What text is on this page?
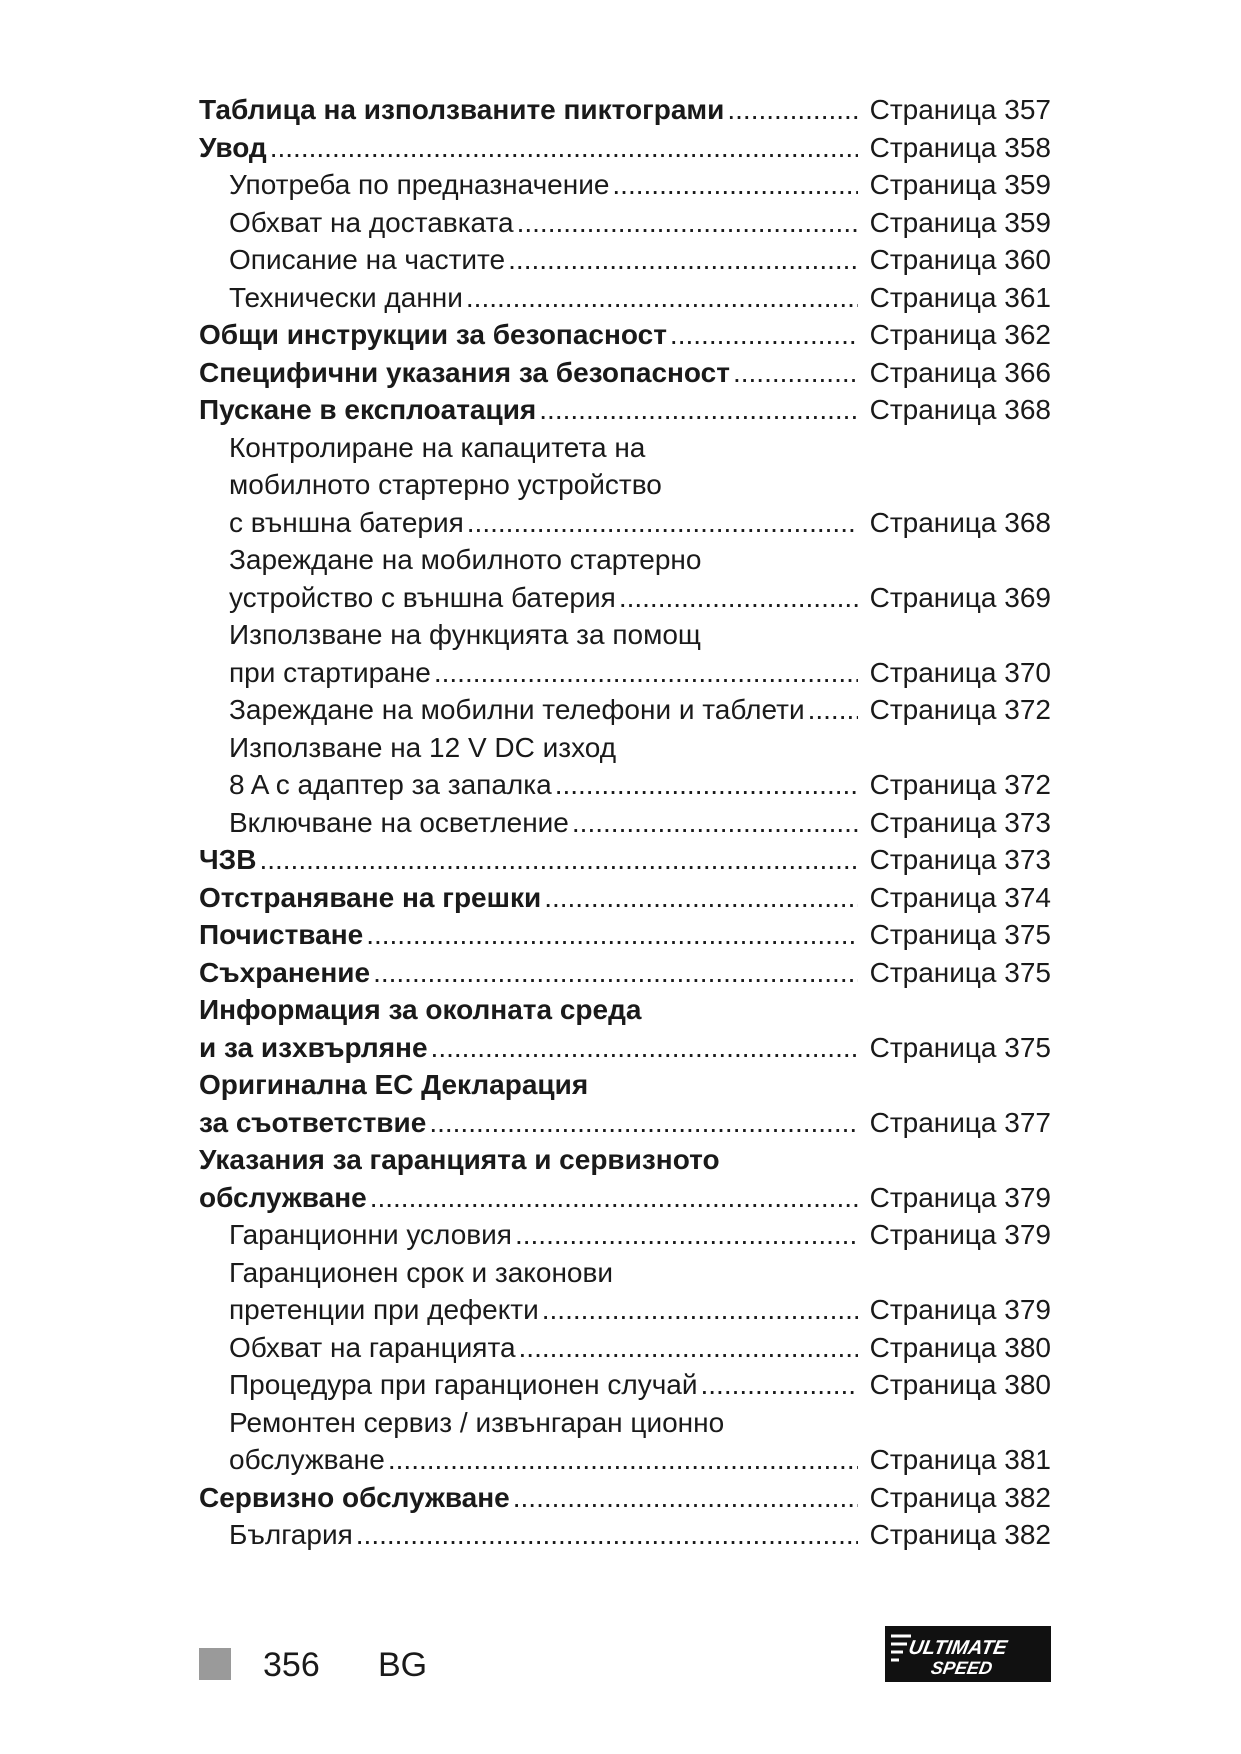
Таблица на използваните пиктограми .....	Страница 357
Увод .....	Страница 358
Употреба по предназначение .....	Страница 359
Обхват на доставката .....	Страница 359
Описание на частите .....	Страница 360
Технически данни .....	Страница 361
Общи инструкции за безопасност .....	Страница 362
Специфични указания за безопасност .....	Страница 366
Пускане в експлоатация .....	Страница 368
Контролиране на капацитета на
мобилното стартерно устройство
с външна батерия .....	Страница 368
Зареждане на мобилното стартерно
устройство с външна батерия .....	Страница 369
Използване на функцията за помощ
при стартиране .....	Страница 370
Зареждане на мобилни телефони и таблети ..... Страница 372
Използване на 12 V DC изход
8 A с адаптер за запалка .....	Страница 372
Включване на осветление .....	Страница 373
ЧЗВ .....	Страница 373
Отстраняване на грешки .....	Страница 374
Почистване .....	Страница 375
Съхранение .....	Страница 375
Информация за околната среда
и за изхвърляне .....	Страница 375
Оригинална ЕС Декларация
за съответствие .....	Страница 377
Указания за гаранцията и сервизното
обслужване .....	Страница 379
Гаранционни условия .....	Страница 379
Гаранционен срок и законови
претенции при дефекти .....	Страница 379
Обхват на гаранцията .....	Страница 380
Процедура при гаранционен случай .....	Страница 380
Ремонтен сервиз / извънгаран ционно
обслужване .....	Страница 381
Сервизно обслужване .....	Страница 382
България .....	Страница 382
356 BG	ULTIMATE
SPEED
